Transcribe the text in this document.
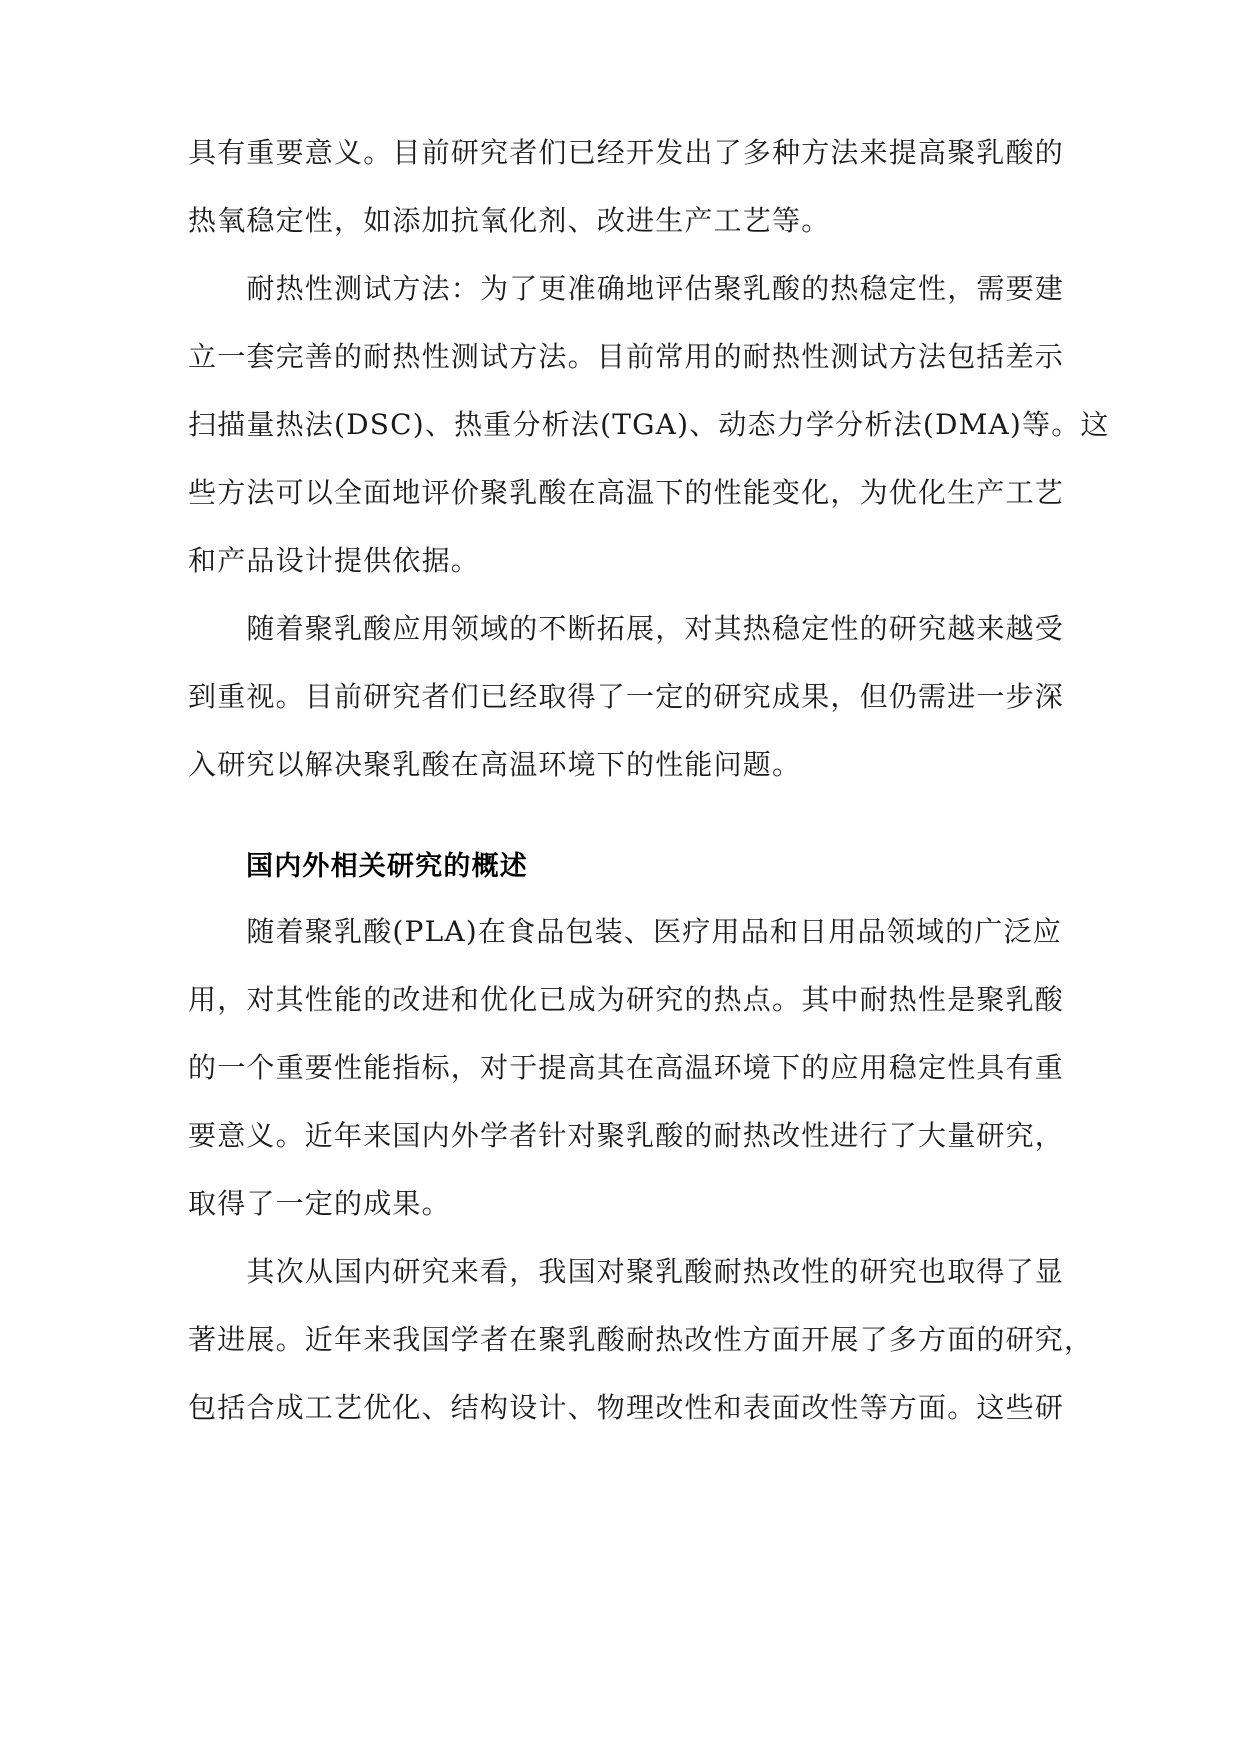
具有重要意义。目前研究者们已经开发出了多种方法来提高聚乳酸的
热氧稳定性，如添加抗氧化剂、改进生产工艺等。
　　耐热性测试方法：为了更准确地评估聚乳酸的热稳定性，需要建
立一套完善的耐热性测试方法。目前常用的耐热性测试方法包括差示
扫描量热法(DSC)、热重分析法(TGA)、动态力学分析法(DMA)等。这
些方法可以全面地评价聚乳酸在高温下的性能变化，为优化生产工艺
和产品设计提供依据。
　　随着聚乳酸应用领域的不断拓展，对其热稳定性的研究越来越受
到重视。目前研究者们已经取得了一定的研究成果，但仍需进一步深
入研究以解决聚乳酸在高温环境下的性能问题。
国内外相关研究的概述
　　随着聚乳酸(PLA)在食品包装、医疗用品和日用品领域的广泛应
用，对其性能的改进和优化已成为研究的热点。其中耐热性是聚乳酸
的一个重要性能指标，对于提高其在高温环境下的应用稳定性具有重
要意义。近年来国内外学者针对聚乳酸的耐热改性进行了大量研究，
取得了一定的成果。
　　其次从国内研究来看，我国对聚乳酸耐热改性的研究也取得了显
著进展。近年来我国学者在聚乳酸耐热改性方面开展了多方面的研究，
包括合成工艺优化、结构设计、物理改性和表面改性等方面。这些研
